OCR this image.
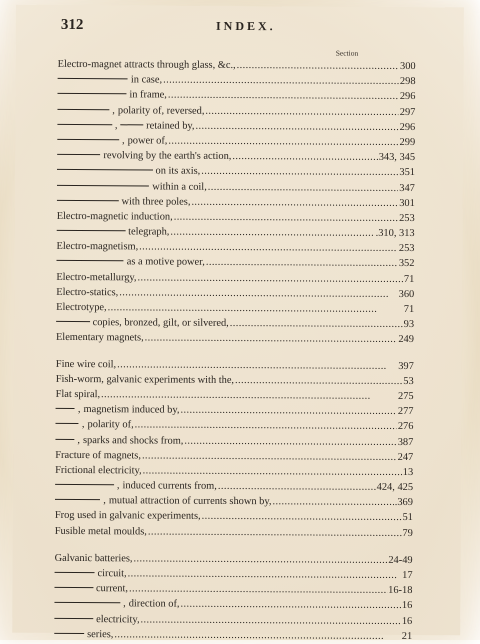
312	INDEX.
Section
Electro-magnet attracts through glass, &c., . . .	300
in case, . . .	298
in frame, . . .	296
, polarity of, reversed, . . .	297
,	retained by, . . .	296
, power of, . . .	299
revolving by the earth's action, . . .	343, 345
on its axis, . . .	351
within a coil, . . .	347
with three poles, . . .	301
Electro-magnetic induction, . . .	253
telegraph, . . .	.310, 313
Electro-magnetism, . . .	253
as a motive power, . . .	352
Electro-metallurgy, . . .	71
Electro-statics, . . .	360
Electrotype, . . .	71
copies, bronzed, gilt, or silvered, . . .	93
Elementary magnets, . . .	249
Fine wire coil, . . .	397
Fish-worm, galvanic experiments with the, . . .	53
Flat spiral, . . .	275
, magnetism induced by, . . .	277
, polarity of, . . .	276
, sparks and shocks from, . . .	387
Fracture of magnets, . . .	247
Frictional electricity, . . .	13
, induced currents from, . . .	424, 425
, mutual attraction of currents shown by, . . .	.369
Frog used in galvanic experiments, . . .	51
Fusible metal moulds, . . .	79
Galvanic batteries, . . .	24-49
circuit, . . .	17
current, . . .	16-18
, direction of, . . .	16
electricity, . . .	16
series, . . .	21
